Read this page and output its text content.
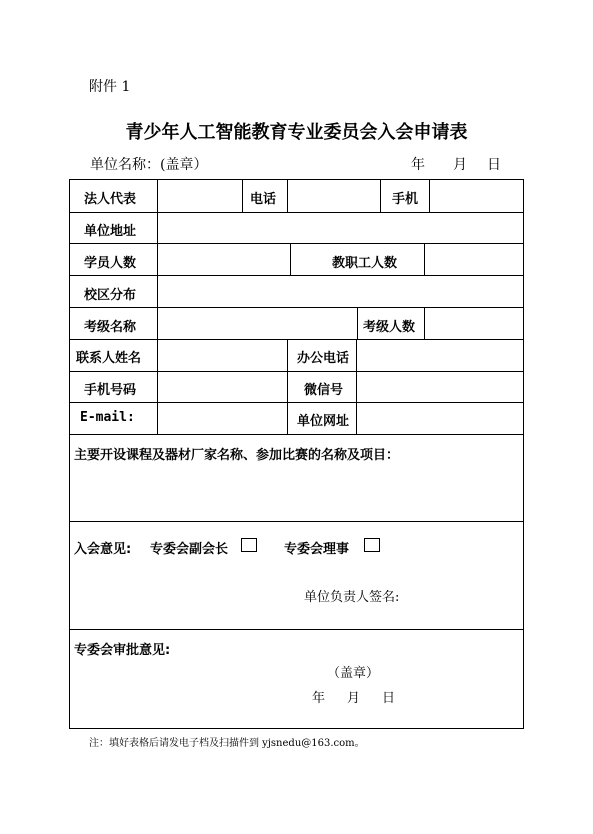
附件 1
青少年人工智能教育专业委员会入会申请表
单位名称：(盖章）	年 月 日
法人代表	电话	手机
单位地址
学员人数	教职工人数
校区分布
考级名称	考级人数
联系人姓名	办公电话
手机号码	微信号
E-mail:	单位网址
主要开设课程及器材厂家名称、参加比赛的名称及项目：
入会意见: 专委会副会长	专委会理事
单位负责人签名:
专委会审批意见:
（盖章）
年 月 日
注：填好表格后请发电子档及扫描件到 yjsnedu@163.com。
